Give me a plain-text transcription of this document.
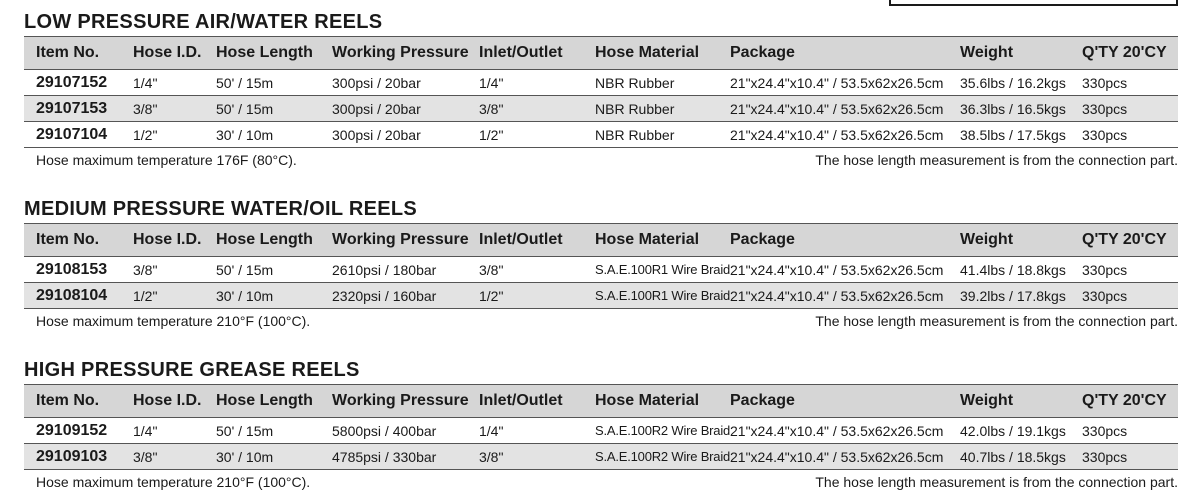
LOW PRESSURE AIR/WATER REELS
Item No.	Hose I.D.	Hose Length	Working Pressure	Inlet/Outlet	Hose Material	Package	Weight	Q'TY 20'CY
29107152	1/4"	50' / 15m	300psi / 20bar	1/4"	NBR Rubber	21"x24.4"x10.4" / 53.5x62x26.5cm	35.6lbs / 16.2kgs	330pcs
29107153	3/8"	50' / 15m	300psi / 20bar	3/8"	NBR Rubber	21"x24.4"x10.4" / 53.5x62x26.5cm	36.3lbs / 16.5kgs	330pcs
29107104	1/2"	30' / 10m	300psi / 20bar	1/2"	NBR Rubber	21"x24.4"x10.4" / 53.5x62x26.5cm	38.5lbs / 17.5kgs	330pcs
Hose maximum temperature 176F (80°C).	The hose length measurement is from the connection part.
MEDIUM PRESSURE WATER/OIL REELS
Item No.	Hose I.D.	Hose Length	Working Pressure	Inlet/Outlet	Hose Material	Package	Weight	Q'TY 20'CY
29108153	3/8"	50' / 15m	2610psi / 180bar	3/8"	S.A.E.100R1 Wire Braid	21"x24.4"x10.4" / 53.5x62x26.5cm	41.4lbs / 18.8kgs	330pcs
29108104	1/2"	30' / 10m	2320psi / 160bar	1/2"	S.A.E.100R1 Wire Braid	21"x24.4"x10.4" / 53.5x62x26.5cm	39.2lbs / 17.8kgs	330pcs
Hose maximum temperature 210°F (100°C).	The hose length measurement is from the connection part.
HIGH PRESSURE GREASE REELS
Item No.	Hose I.D.	Hose Length	Working Pressure	Inlet/Outlet	Hose Material	Package	Weight	Q'TY 20'CY
29109152	1/4"	50' / 15m	5800psi / 400bar	1/4"	S.A.E.100R2 Wire Braid	21"x24.4"x10.4" / 53.5x62x26.5cm	42.0lbs / 19.1kgs	330pcs
29109103	3/8"	30' / 10m	4785psi / 330bar	3/8"	S.A.E.100R2 Wire Braid	21"x24.4"x10.4" / 53.5x62x26.5cm	40.7lbs / 18.5kgs	330pcs
Hose maximum temperature 210°F (100°C).	The hose length measurement is from the connection part.
